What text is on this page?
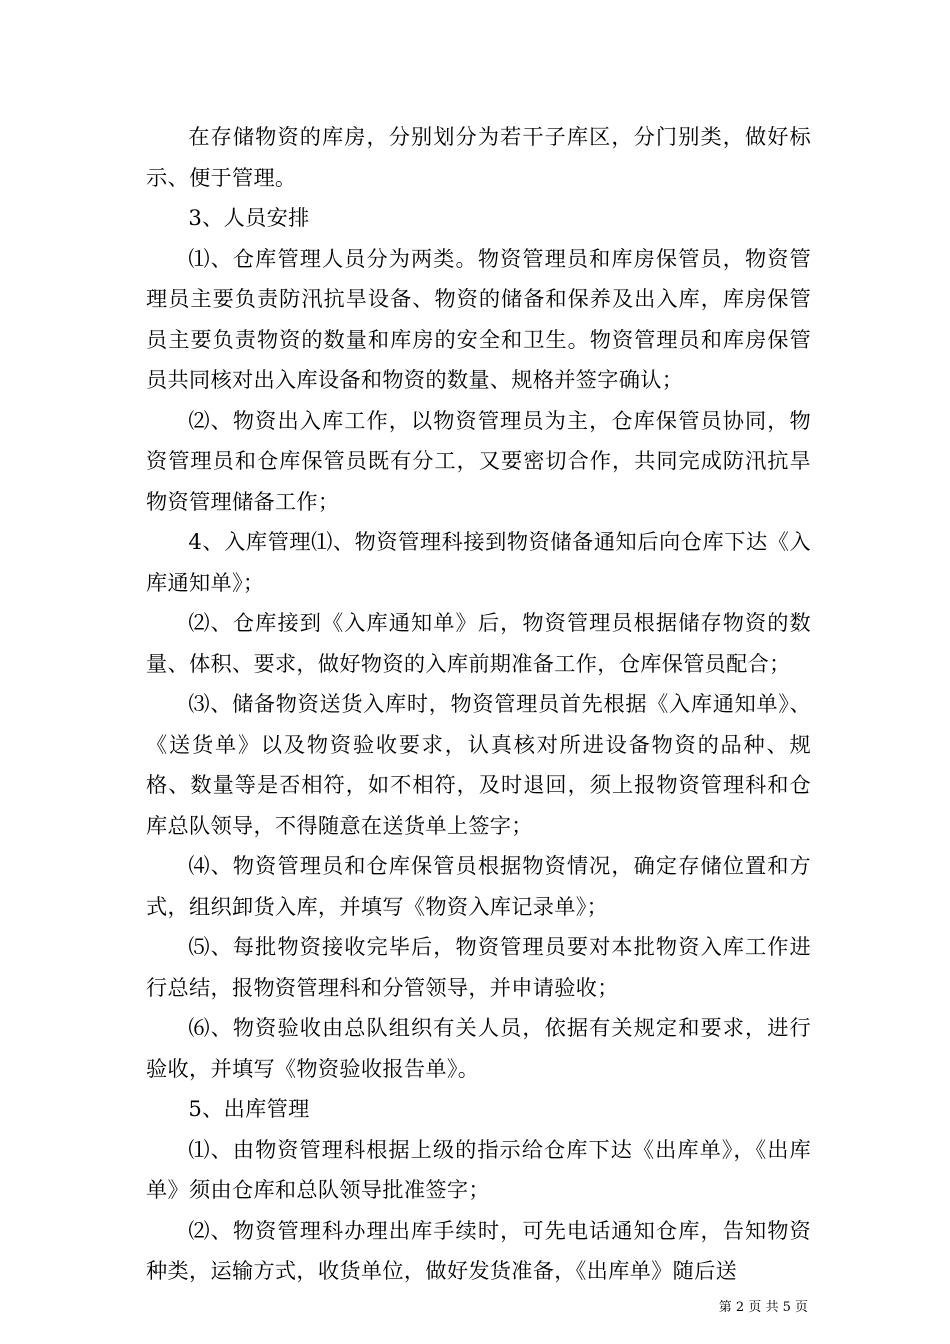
在存储物资的库房，分别划分为若干子库区，分门别类，做好标示、便于管理。

3、人员安排

⑴、仓库管理人员分为两类。物资管理员和库房保管员，物资管理员主要负责防汛抗旱设备、物资的储备和保养及出入库，库房保管员主要负责物资的数量和库房的安全和卫生。物资管理员和库房保管员共同核对出入库设备和物资的数量、规格并签字确认；

⑵、物资出入库工作，以物资管理员为主，仓库保管员协同，物资管理员和仓库保管员既有分工，又要密切合作，共同完成防汛抗旱物资管理储备工作；

4、入库管理⑴、物资管理科接到物资储备通知后向仓库下达《入库通知单》；

⑵、仓库接到《入库通知单》后，物资管理员根据储存物资的数量、体积、要求，做好物资的入库前期准备工作，仓库保管员配合；

⑶、储备物资送货入库时，物资管理员首先根据《入库通知单》、《送货单》以及物资验收要求，认真核对所进设备物资的品种、规格、数量等是否相符，如不相符，及时退回，须上报物资管理科和仓库总队领导，不得随意在送货单上签字；

⑷、物资管理员和仓库保管员根据物资情况，确定存储位置和方式，组织卸货入库，并填写《物资入库记录单》；

⑸、每批物资接收完毕后，物资管理员要对本批物资入库工作进行总结，报物资管理科和分管领导，并申请验收；

⑹、物资验收由总队组织有关人员，依据有关规定和要求，进行验收，并填写《物资验收报告单》。

5、出库管理

⑴、由物资管理科根据上级的指示给仓库下达《出库单》，《出库单》须由仓库和总队领导批准签字；

⑵、物资管理科办理出库手续时，可先电话通知仓库，告知物资种类，运输方式，收货单位，做好发货准备，《出库单》随后送

第 2 页 共 5 页
